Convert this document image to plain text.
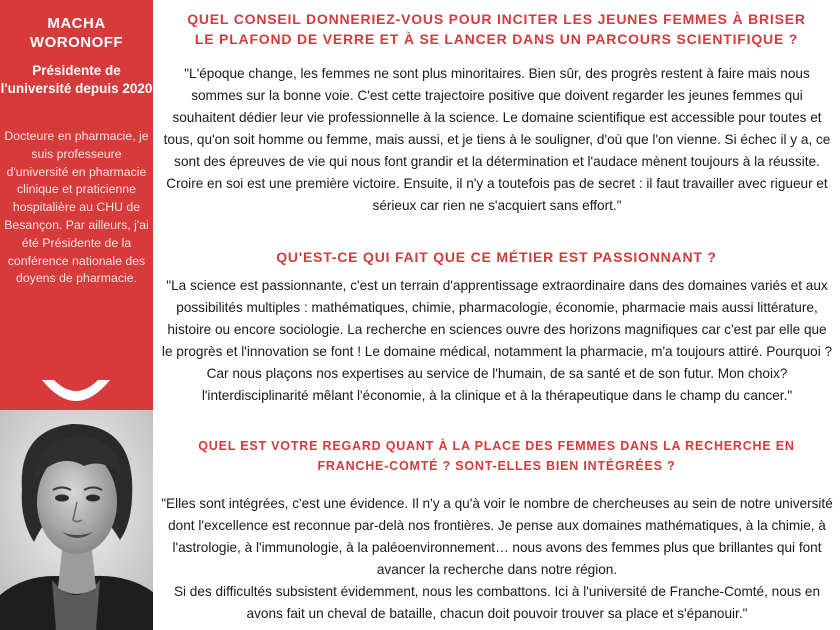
MACHA
WORONOFF
Présidente de l'université depuis 2020
Docteure en pharmacie, je suis professeure d'université en pharmacie clinique et praticienne hospitalière au CHU de Besançon. Par ailleurs, j'ai été Présidente de la conférence nationale des doyens de pharmacie.
QUEL CONSEIL DONNERIEZ-VOUS POUR INCITER LES JEUNES FEMMES À BRISER
LE PLAFOND DE VERRE ET À SE LANCER DANS UN PARCOURS SCIENTIFIQUE ?
"L'époque change, les femmes ne sont plus minoritaires. Bien sûr, des progrès restent à faire mais nous sommes sur la bonne voie. C'est cette trajectoire positive que doivent regarder les jeunes femmes qui souhaitent dédier leur vie professionnelle à la science. Le domaine scientifique est accessible pour toutes et tous, qu'on soit homme ou femme, mais aussi, et je tiens à le souligner, d'où que l'on vienne. Si échec il y a, ce sont des épreuves de vie qui nous font grandir et la détermination et l'audace mènent toujours à la réussite. Croire en soi est une première victoire. Ensuite, il n'y a toutefois pas de secret : il faut travailler avec rigueur et sérieux car rien ne s'acquiert sans effort."
QU'EST-CE QUI FAIT QUE CE MÉTIER EST PASSIONNANT ?
"La science est passionnante, c'est un terrain d'apprentissage extraordinaire dans des domaines variés et aux possibilités multiples : mathématiques, chimie, pharmacologie, économie, pharmacie mais aussi littérature, histoire ou encore sociologie. La recherche en sciences ouvre des horizons magnifiques car c'est par elle que le progrès et l'innovation se font ! Le domaine médical, notamment la pharmacie, m'a toujours attiré. Pourquoi ? Car nous plaçons nos expertises au service de l'humain, de sa santé et de son futur. Mon choix? l'interdisciplinarité mêlant l'économie, à la clinique et à la thérapeutique dans le champ du cancer."
QUEL EST VOTRE REGARD QUANT À LA PLACE DES FEMMES DANS LA RECHERCHE EN
FRANCHE-COMTÉ ? SONT-ELLES BIEN INTÉGRÉES ?
"Elles sont intégrées, c'est une évidence. Il n'y a qu'à voir le nombre de chercheuses au sein de notre université dont l'excellence est reconnue par-delà nos frontières. Je pense aux domaines mathématiques, à la chimie, à l'astrologie, à l'immunologie, à la paléoenvironnement… nous avons des femmes plus que brillantes qui font avancer la recherche dans notre région.
Si des difficultés subsistent évidemment, nous les combattons. Ici à l'université de Franche-Comté, nous en avons fait un cheval de bataille, chacun doit pouvoir trouver sa place et s'épanouir."
